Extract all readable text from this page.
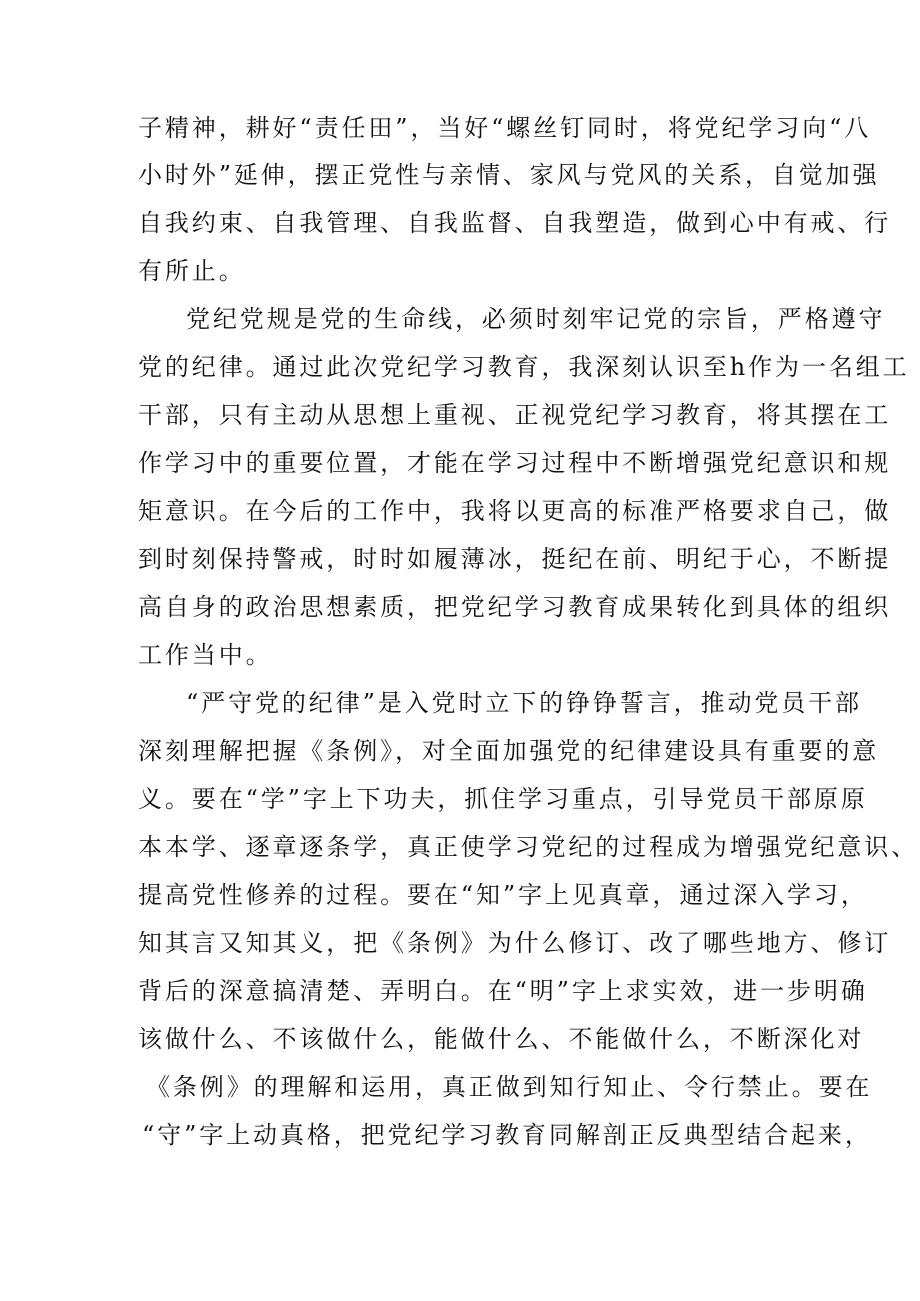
子精神，耕好“责任田”，当好“螺丝钉同时，将党纪学习向“八
小时外”延伸，摆正党性与亲情、家风与党风的关系，自觉加强
自我约束、自我管理、自我监督、自我塑造，做到心中有戒、行
有所止。
党纪党规是党的生命线，必须时刻牢记党的宗旨，严格遵守
党的纪律。通过此次党纪学习教育，我深刻认识至h作为一名组工
干部，只有主动从思想上重视、正视党纪学习教育，将其摆在工
作学习中的重要位置，才能在学习过程中不断增强党纪意识和规
矩意识。在今后的工作中，我将以更高的标准严格要求自己，做
到时刻保持警戒，时时如履薄冰，挺纪在前、明纪于心，不断提
高自身的政治思想素质，把党纪学习教育成果转化到具体的组织
工作当中。
“严守党的纪律”是入党时立下的铮铮誓言，推动党员干部
深刻理解把握《条例》，对全面加强党的纪律建设具有重要的意
义。要在“学”字上下功夫，抓住学习重点，引导党员干部原原
本本学、逐章逐条学，真正使学习党纪的过程成为增强党纪意识、
提高党性修养的过程。要在“知”字上见真章，通过深入学习，
知其言又知其义，把《条例》为什么修订、改了哪些地方、修订
背后的深意搞清楚、弄明白。在“明”字上求实效，进一步明确
该做什么、不该做什么，能做什么、不能做什么，不断深化对
《条例》的理解和运用，真正做到知行知止、令行禁止。要在
“守”字上动真格，把党纪学习教育同解剖正反典型结合起来，
